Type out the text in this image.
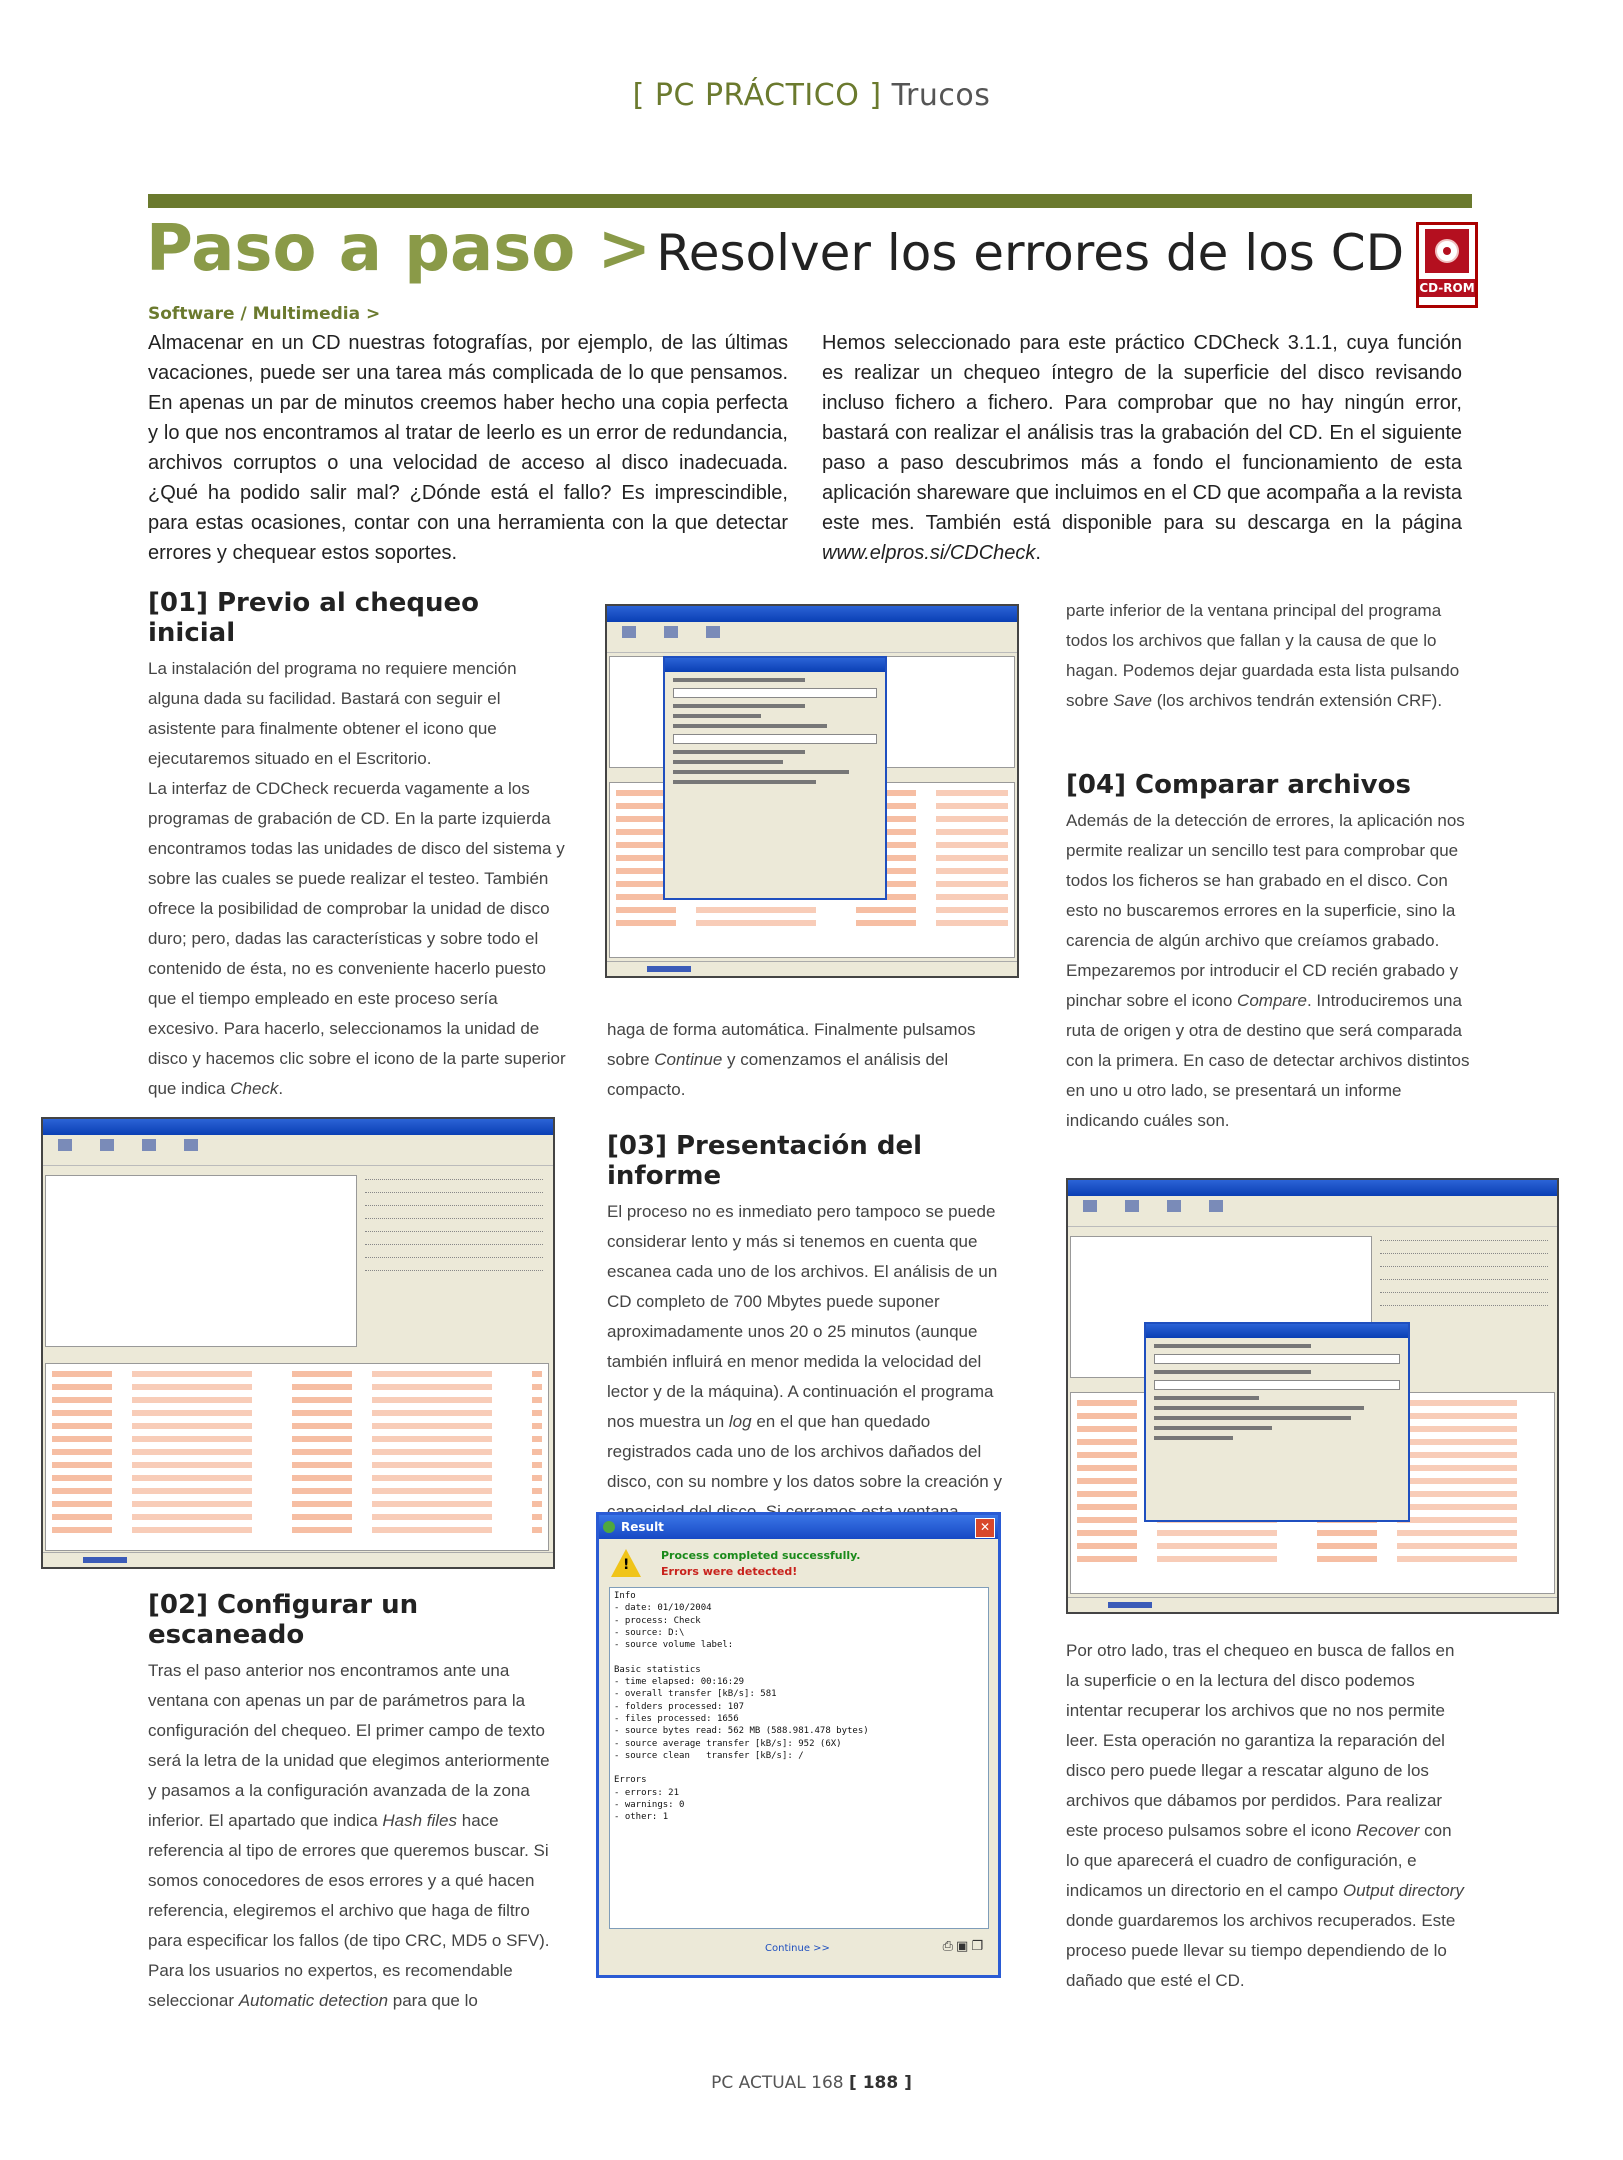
[ PC PRÁCTICO ] Trucos
Paso a paso > Resolver los errores de los CD
CD-ROM
Software / Multimedia >
Almacenar en un CD nuestras fotografías, por ejemplo, de las últimas vacaciones, puede ser una tarea más complicada de lo que pensamos. En apenas un par de minutos creemos haber hecho una copia perfecta y lo que nos encontramos al tratar de leerlo es un error de redundancia, archivos corruptos o una velocidad de acceso al disco inadecuada. ¿Qué ha podido salir mal? ¿Dónde está el fallo? Es imprescindible, para estas ocasiones, contar con una herramienta con la que detectar errores y chequear estos soportes.
Hemos seleccionado para este práctico CDCheck 3.1.1, cuya función es realizar un chequeo íntegro de la superficie del disco revisando incluso fichero a fichero. Para comprobar que no hay ningún error, bastará con realizar el análisis tras la grabación del CD. En el siguiente paso a paso descubrimos más a fondo el funcionamiento de esta aplicación shareware que incluimos en el CD que acompaña a la revista este mes. También está disponible para su descarga en la página www.elpros.si/CDCheck.
[01] Previo al chequeo inicial

La instalación del programa no requiere mención alguna dada su facilidad. Bastará con seguir el asistente para finalmente obtener el icono que ejecutaremos situado en el Escritorio.

La interfaz de CDCheck recuerda vagamente a los programas de grabación de CD. En la parte izquierda encontramos todas las unidades de disco del sistema y sobre las cuales se puede realizar el testeo. También ofrece la posibilidad de comprobar la unidad de disco duro; pero, dadas las características y sobre todo el contenido de ésta, no es conveniente hacerlo puesto que el tiempo empleado en este proceso sería excesivo. Para hacerlo, seleccionamos la unidad de disco y hacemos clic sobre el icono de la parte superior que indica Check.

[02] Configurar un escaneado

Tras el paso anterior nos encontramos ante una ventana con apenas un par de parámetros para la configuración del chequeo. El primer campo de texto será la letra de la unidad que elegimos anteriormente y pasamos a la configuración avanzada de la zona inferior. El apartado que indica Hash files hace referencia al tipo de errores que queremos buscar. Si somos conocedores de esos errores y a qué hacen referencia, elegiremos el archivo que haga de filtro para especificar los fallos (de tipo CRC, MD5 o SFV). Para los usuarios no expertos, es recomendable seleccionar Automatic detection para que lo

haga de forma automática. Finalmente pulsamos sobre Continue y comenzamos el análisis del compacto.

[03] Presentación del informe

El proceso no es inmediato pero tampoco se puede considerar lento y más si tenemos en cuenta que escanea cada uno de los archivos. El análisis de un CD completo de 700 Mbytes puede suponer aproximadamente unos 20 o 25 minutos (aunque también influirá en menor medida la velocidad del lector y de la máquina). A continuación el programa nos muestra un log en el que han quedado registrados cada uno de los archivos dañados del disco, con su nombre y los datos sobre la creación y

Result	✕
!
Process completed successfully.
Errors were detected!
Info
- date: 01/10/2004
- process: Check
- source: D:\
- source volume label:

Basic statistics
- time elapsed: 00:16:29
- overall transfer [kB/s]: 581
- folders processed: 107
- files processed: 1656
- source bytes read: 562 MB (588.981.478 bytes)
- source average transfer [kB/s]: 952 (6X)
- source clean   transfer [kB/s]: /

Errors
- errors: 21
- warnings: 0
- other: 1
Continue >>	⎙▣❐

parte inferior de la ventana principal del programa todos los archivos que fallan y la causa de que lo hagan. Podemos dejar guardada esta lista pulsando sobre Save (los archivos tendrán extensión CRF).

[04] Comparar archivos

Además de la detección de errores, la aplicación nos permite realizar un sencillo test para comprobar que todos los ficheros se han grabado en el disco. Con esto no buscaremos errores en la superficie, sino la carencia de algún archivo que creíamos grabado. Empezaremos por introducir el CD recién grabado y pinchar sobre el icono Compare. Introduciremos una ruta de origen y otra de destino que será comparada con la primera. En caso de detectar archivos distintos en uno u otro lado, se presentará un informe indicando cuáles son.

Por otro lado, tras el chequeo en busca de fallos en la superficie o en la lectura del disco podemos intentar recuperar los archivos que no nos permite leer. Esta operación no garantiza la reparación del disco pero puede llegar a rescatar alguno de los archivos que dábamos por perdidos. Para realizar este proceso pulsamos sobre el icono Recover con lo que aparecerá el cuadro de configuración, e indicamos un directorio en el campo Output directory donde guardaremos los archivos recuperados. Este proceso puede llevar su tiempo dependiendo de lo dañado que esté el CD.

PC ACTUAL 168 [ 188 ]
